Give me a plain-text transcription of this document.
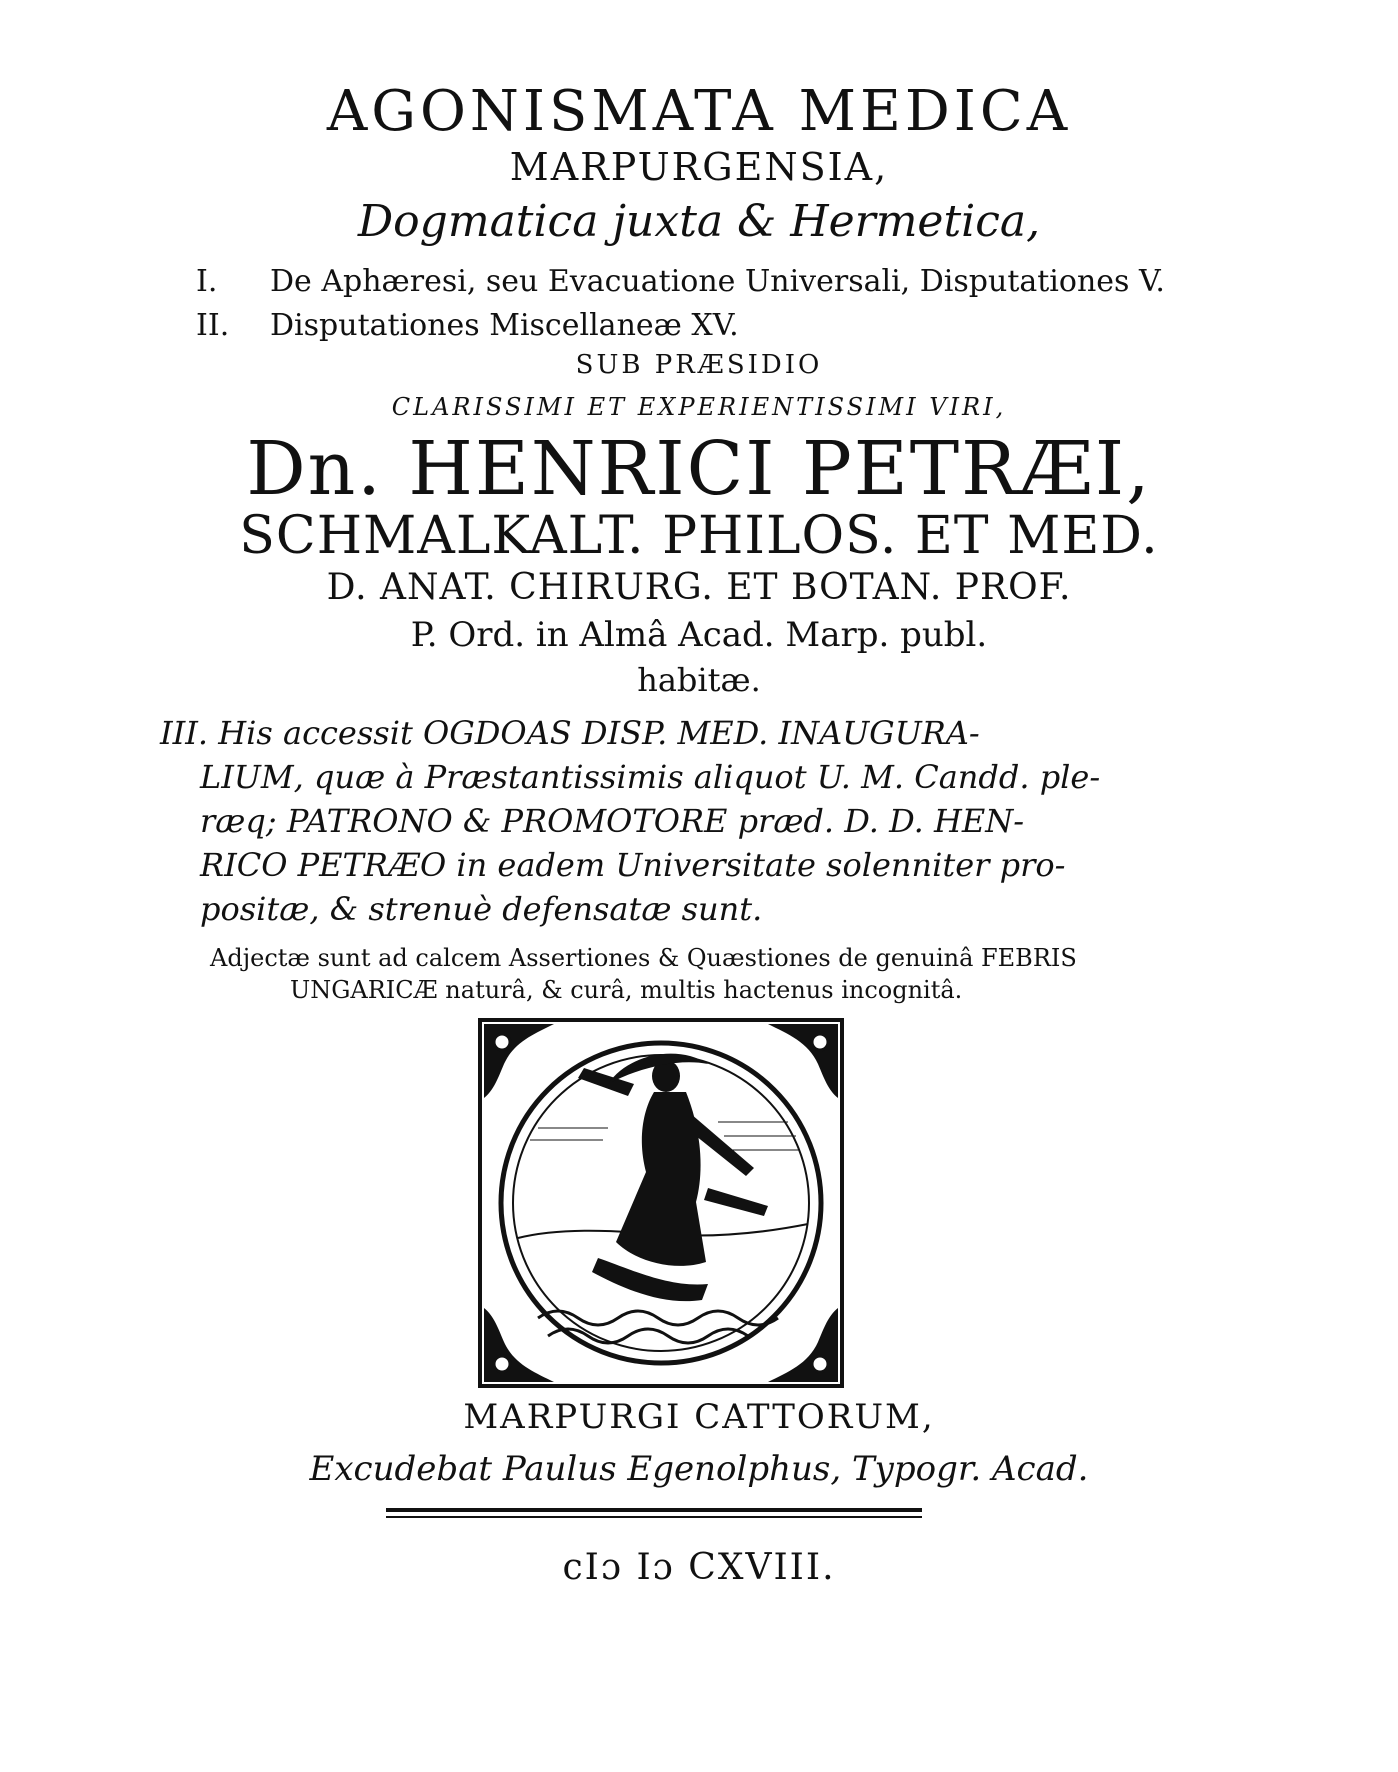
AGONISMATA MEDICA
MARPURGENSIA,
Dogmatica juxta & Hermetica,
I. De Aphæresi, seu Evacuatione Universali, Disputationes V.
II. Disputationes Miscellaneæ XV.
SUB PRÆSIDIO
CLARISSIMI ET EXPERIENTISSIMI VIRI,
Dn. HENRICI PETRÆI,
SCHMALKALT. PHILOS. ET MED.
D. ANAT. CHIRURG. ET BOTAN. PROF.
P. Ord. in Almâ Acad. Marp. publ.
habitæ.
III. His accessit OGDOAS DISP. MED. INAUGURA-
LIUM, quæ à Præstantissimis aliquot U. M. Candd. ple-
ræq; PATRONO & PROMOTORE præd. D. D. HEN-
RICO PETRÆO in eadem Universitate solenniter pro-
positæ, & strenuè defensatæ sunt.
Adjectæ sunt ad calcem Assertiones & Quæstiones de genuinâ FEBRIS
UNGARICÆ naturâ, & curâ, multis hactenus incognitâ.
MARPURGI CATTORUM,
Excudebat Paulus Egenolphus, Typogr. Acad.
cIɔ Iɔ CXVIII.
